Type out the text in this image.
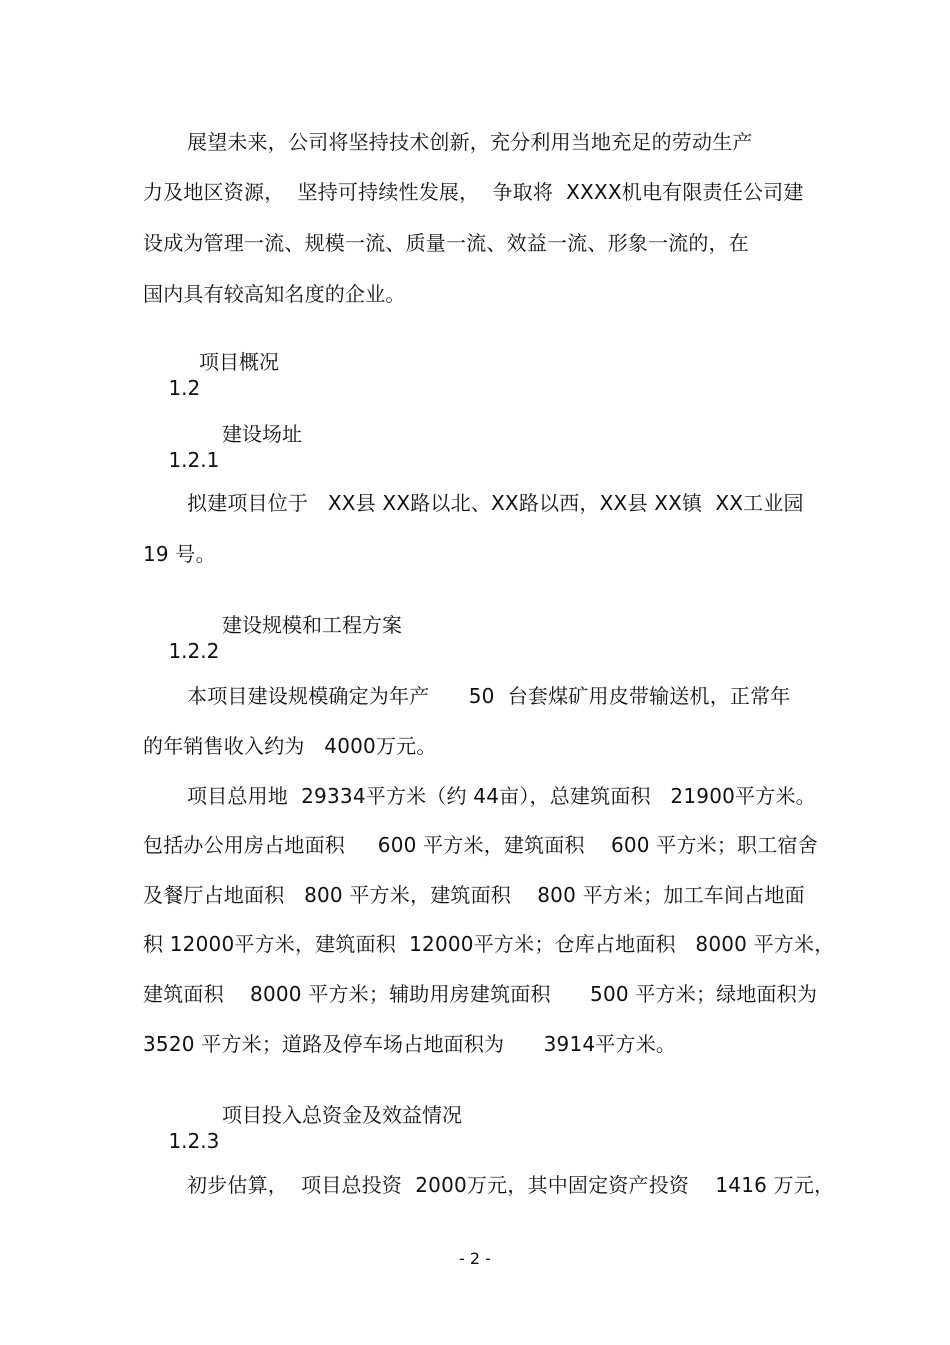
展望未来，公司将坚持技术创新，充分利用当地充足的劳动生产
力及地区资源，  坚持可持续性发展，  争取将  XXXX机电有限责任公司建
设成为管理一流、规模一流、质量一流、效益一流、形象一流的，在
国内具有较高知名度的企业。

1.2

项目概况

1.2.1

建设场址

拟建项目位于   XX县 XX路以北、XX路以西，XX县 XX镇  XX工业园
19 号。

1.2.2

建设规模和工程方案

本项目建设规模确定为年产      50  台套煤矿用皮带输送机，正常年
的年销售收入约为   4000万元。
项目总用地  29334平方米（约 44亩），总建筑面积   21900平方米。
包括办公用房占地面积     600 平方米，建筑面积    600 平方米；职工宿舍
及餐厅占地面积   800 平方米，建筑面积    800 平方米；加工车间占地面
积 12000平方米，建筑面积  12000平方米；仓库占地面积   8000 平方米，
建筑面积    8000 平方米；辅助用房建筑面积      500 平方米；绿地面积为
3520 平方米；道路及停车场占地面积为      3914平方米。

1.2.3

项目投入总资金及效益情况

初步估算，  项目总投资  2000万元，其中固定资产投资    1416 万元，
- 2 -
